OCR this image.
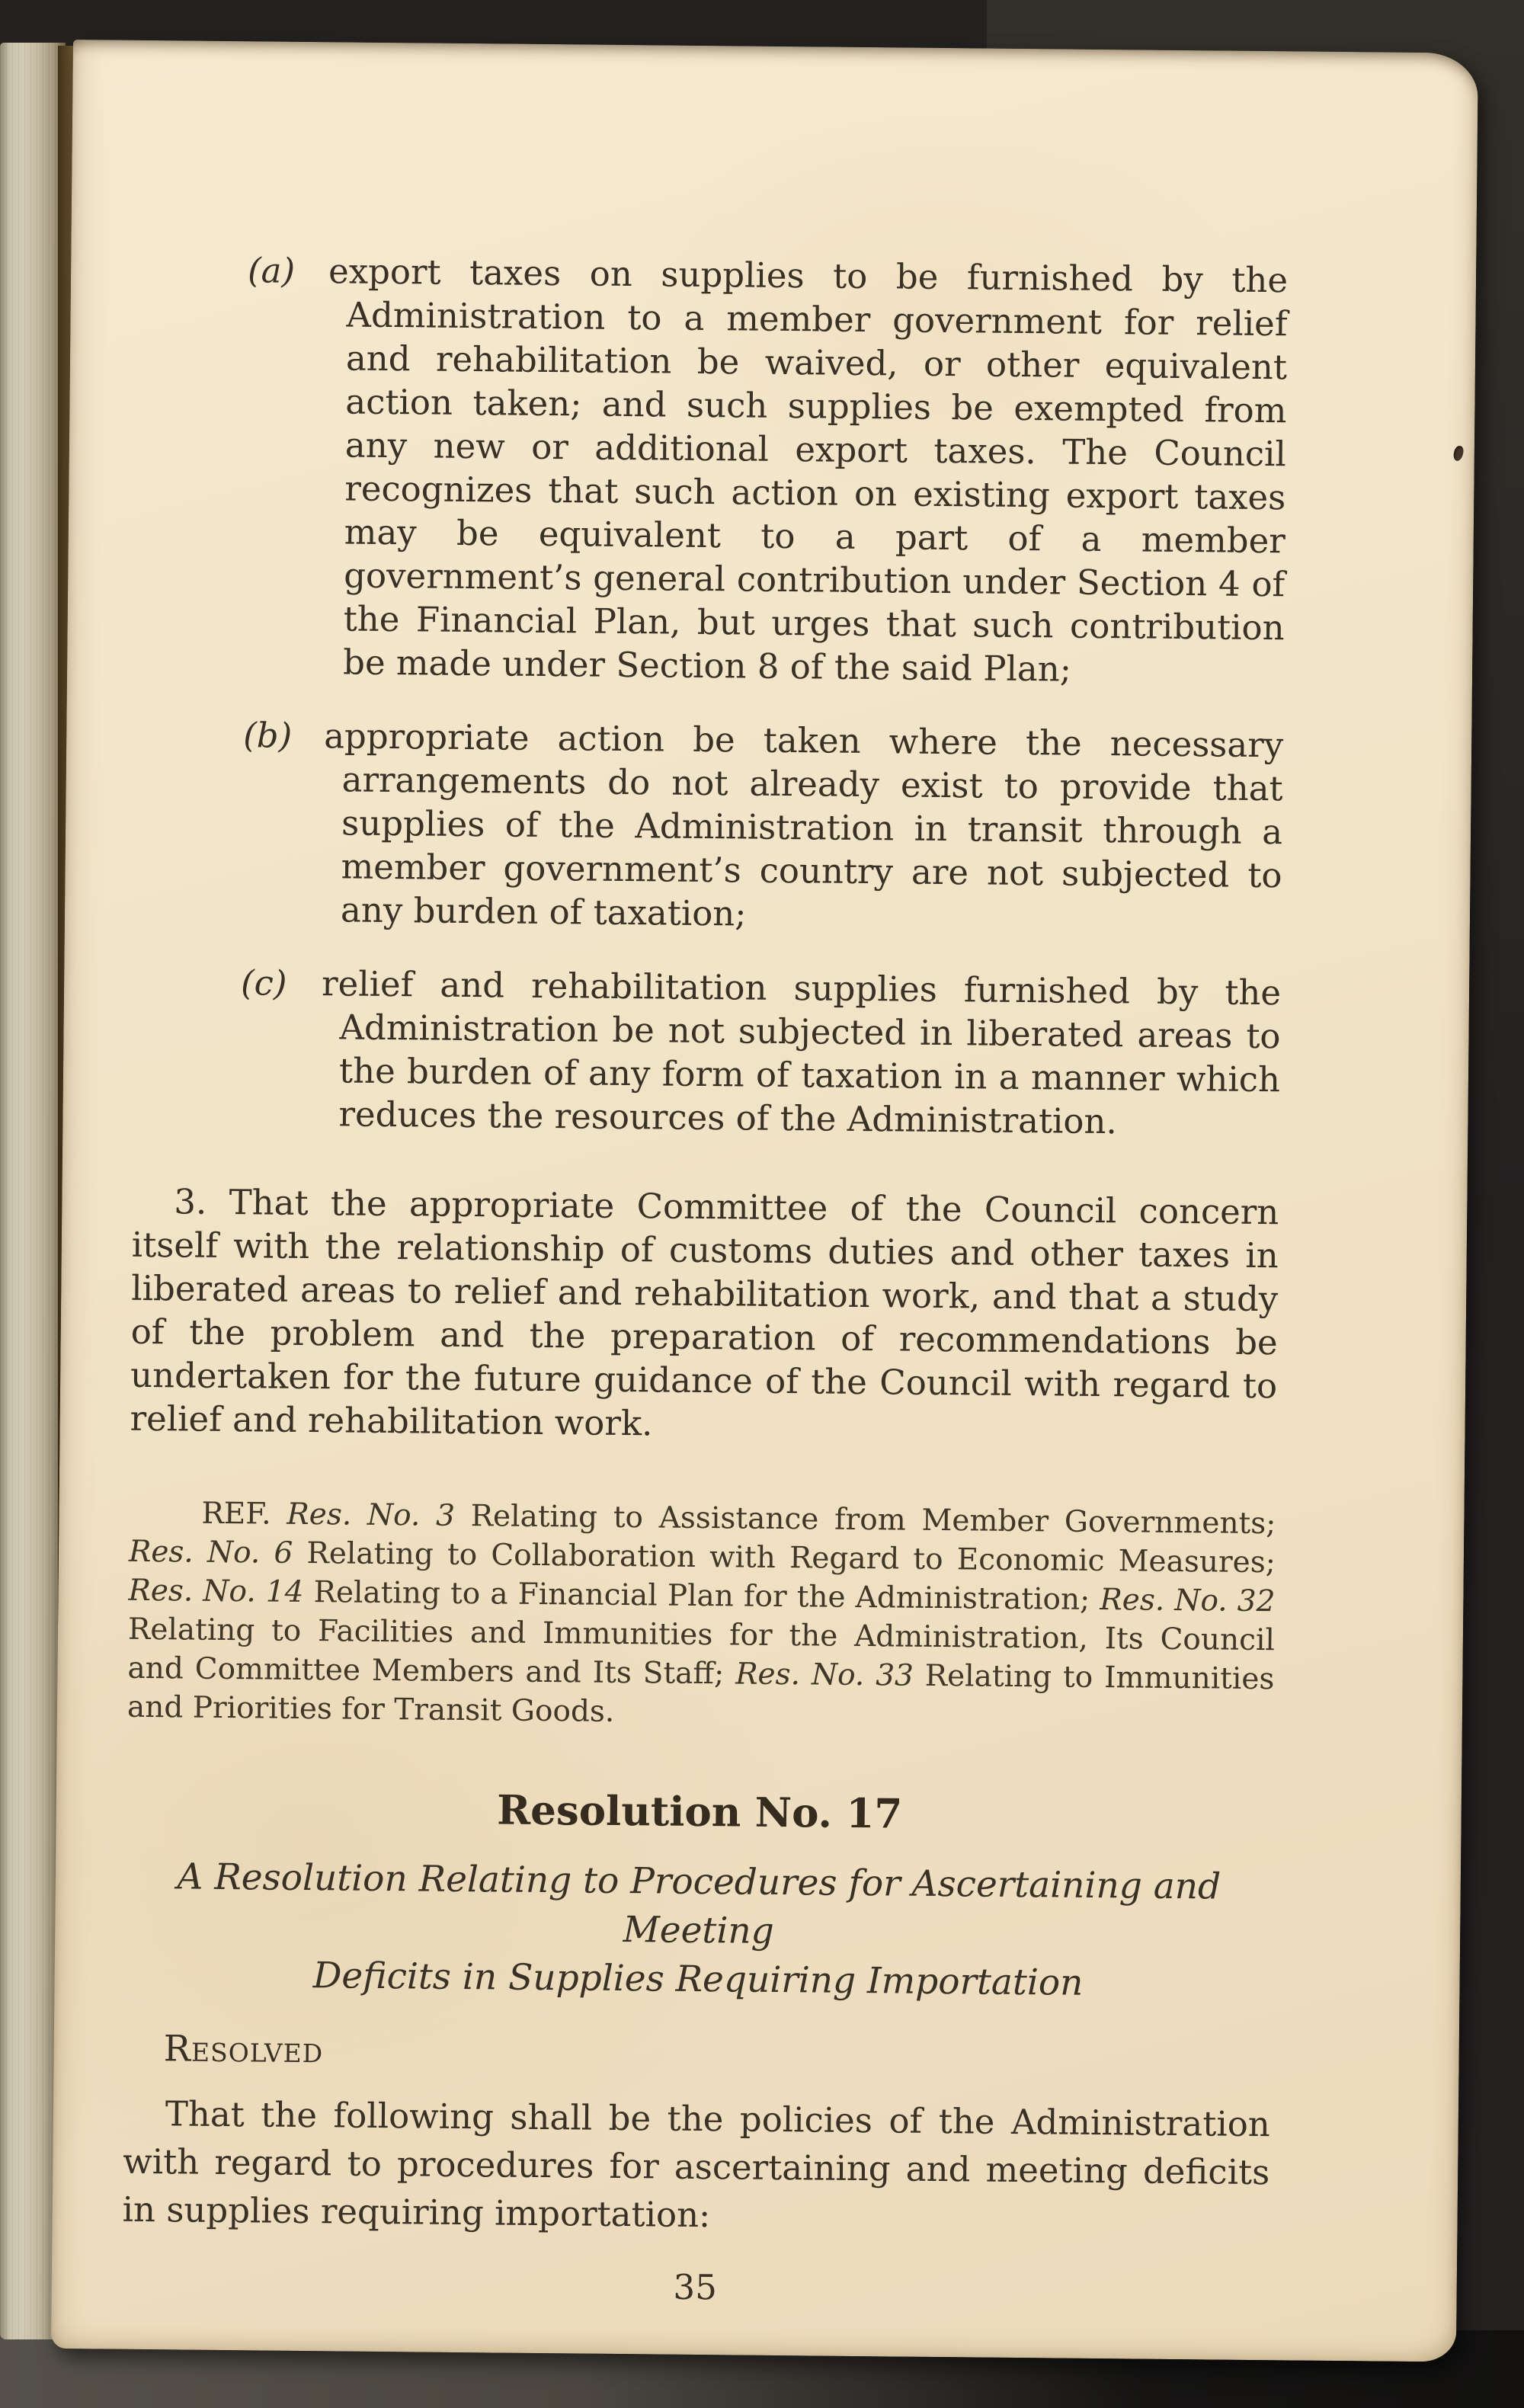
(a) export taxes on supplies to be furnished by the Administration to a member government for relief and rehabilitation be waived, or other equivalent action taken; and such supplies be exempted from any new or additional export taxes. The Council recognizes that such action on existing export taxes may be equivalent to a part of a member government’s general contribution under Section 4 of the Financial Plan, but urges that such contribution be made under Section 8 of the said Plan;
(b) appropriate action be taken where the necessary arrangements do not already exist to provide that supplies of the Administration in transit through a member government’s country are not subjected to any burden of taxation;
(c) relief and rehabilitation supplies furnished by the Administration be not subjected in liberated areas to the burden of any form of taxation in a manner which reduces the resources of the Administration.

3. That the appropriate Committee of the Council concern itself with the relationship of customs duties and other taxes in liberated areas to relief and rehabilitation work, and that a study of the problem and the preparation of recommendations be undertaken for the future guidance of the Council with regard to relief and rehabilitation work.

REF. Res. No. 3 Relating to Assistance from Member Governments; Res. No. 6 Relating to Collaboration with Regard to Economic Measures; Res. No. 14 Relating to a Financial Plan for the Administration; Res. No. 32 Relating to Facilities and Immunities for the Administration, Its Council and Committee Members and Its Staff; Res. No. 33 Relating to Immunities and Priorities for Transit Goods.

Resolution No. 17

A Resolution Relating to Procedures for Ascertaining and Meeting
Deficits in Supplies Requiring Importation

Resolved

That the following shall be the policies of the Administration with regard to procedures for ascertaining and meeting deficits in supplies requiring importation:

35
